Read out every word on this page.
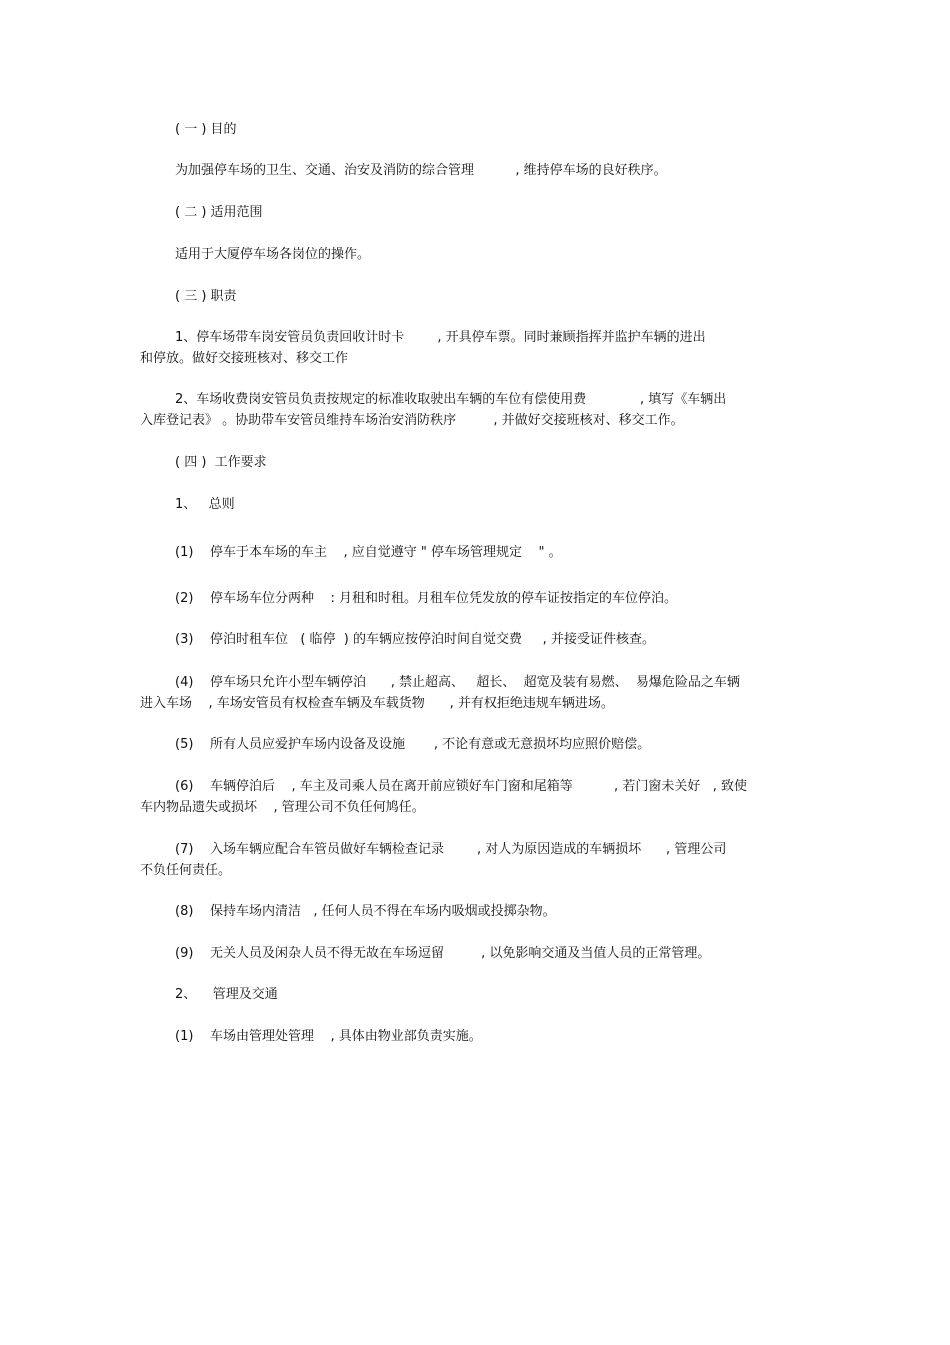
( 一 ) 目的
为加强停车场的卫生、交通、治安及消防的综合管理          , 维持停车场的良好秩序。
( 二 ) 适用范围
适用于大厦停车场各岗位的操作。
( 三 ) 职责
1、停车场带车岗安管员负责回收计时卡        , 开具停车票。同时兼顾指挥并监护车辆的进出
和停放。做好交接班核对、移交工作
2、车场收费岗安管员负责按规定的标准收取驶出车辆的车位有偿使用费             , 填写《车辆出
入库登记表》 。协助带车安管员维持车场治安消防秩序         , 并做好交接班核对、移交工作。
( 四 )  工作要求
1、   总则
(1)    停车于本车场的车主    , 应自觉遵守 " 停车场管理规定    " 。
(2)    停车场车位分两种    : 月租和时租。月租车位凭发放的停车证按指定的车位停泊。
(3)    停泊时租车位   ( 临停  ) 的车辆应按停泊时间自觉交费     , 并接受证件核查。
(4)    停车场只允许小型车辆停泊      , 禁止超高、   超长、  超宽及装有易燃、  易爆危险品之车辆
进入车场    , 车场安管员有权检查车辆及车载货物      , 并有权拒绝违规车辆进场。
(5)    所有人员应爱护车场内设备及设施       , 不论有意或无意损坏均应照价赔偿。
(6)    车辆停泊后    , 车主及司乘人员在离开前应锁好车门窗和尾箱等          , 若门窗未关好   , 致使
车内物品遗失或损坏    , 管理公司不负任何鸠任。
(7)    入场车辆应配合车管员做好车辆检查记录        , 对人为原因造成的车辆损坏      , 管理公司
不负任何责任。
(8)    保持车场内清洁   , 任何人员不得在车场内吸烟或投掷杂物。
(9)    无关人员及闲杂人员不得无故在车场逗留         , 以免影响交通及当值人员的正常管理。
2、    管理及交通
(1)    车场由管理处管理    , 具体由物业部负责实施。
